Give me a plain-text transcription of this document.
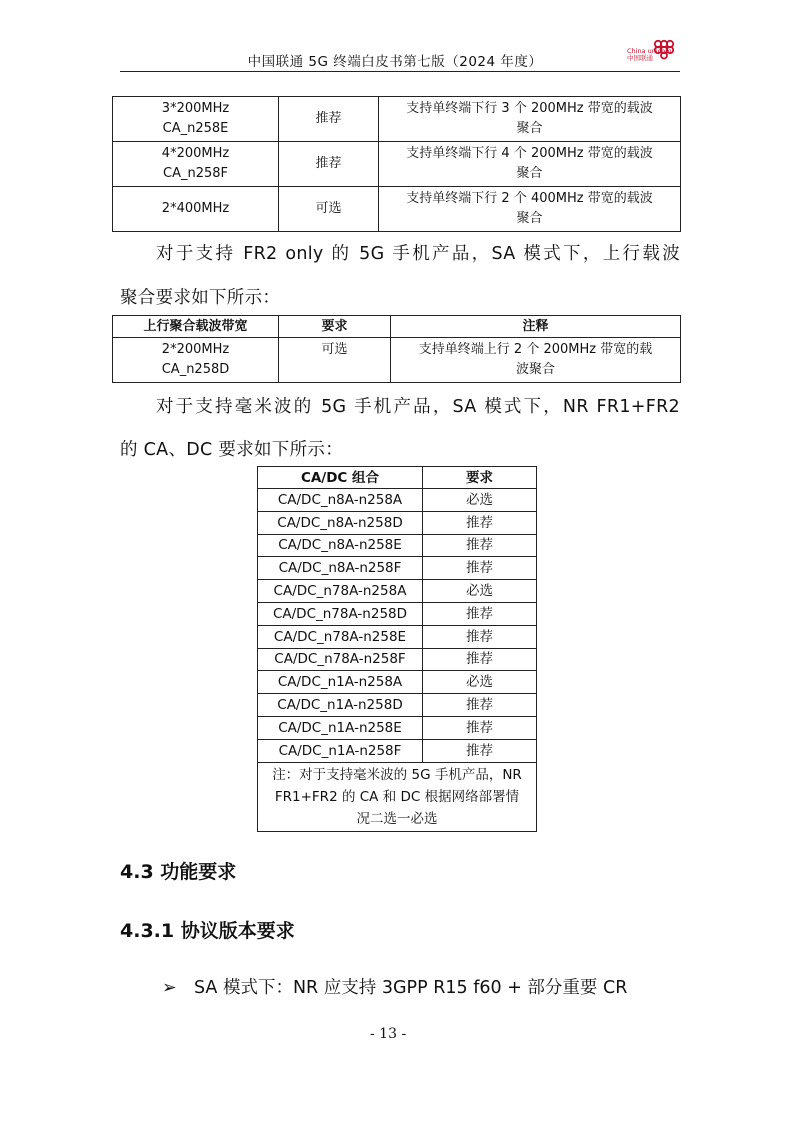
中国联通 5G 终端白皮书第七版（2024 年度）
China unicom中国联通
3*200MHz
CA_n258E	推荐	支持单终端下行 3 个 200MHz 带宽的载波
聚合
4*200MHz
CA_n258F	推荐	支持单终端下行 4 个 200MHz 带宽的载波
聚合
2*400MHz	可选	支持单终端下行 2 个 400MHz 带宽的载波
聚合
对于支持 FR2 only 的 5G 手机产品，SA 模式下，上行载波
聚合要求如下所示：
上行聚合载波带宽	要求	注释
2*200MHz
CA_n258D	可选	支持单终端上行 2 个 200MHz 带宽的载
波聚合
对于支持毫米波的 5G 手机产品，SA 模式下，NR FR1+FR2
的 CA、DC 要求如下所示：
CA/DC 组合	要求
CA/DC_n8A-n258A	必选
CA/DC_n8A-n258D	推荐
CA/DC_n8A-n258E	推荐
CA/DC_n8A-n258F	推荐
CA/DC_n78A-n258A	必选
CA/DC_n78A-n258D	推荐
CA/DC_n78A-n258E	推荐
CA/DC_n78A-n258F	推荐
CA/DC_n1A-n258A	必选
CA/DC_n1A-n258D	推荐
CA/DC_n1A-n258E	推荐
CA/DC_n1A-n258F	推荐
注：对于支持毫米波的 5G 手机产品，NR
FR1+FR2 的 CA 和 DC 根据网络部署情
况二选一必选	
4.3 功能要求
4.3.1 协议版本要求
➢ SA 模式下：NR 应支持 3GPP R15 f60 + 部分重要 CR
- 13 -
